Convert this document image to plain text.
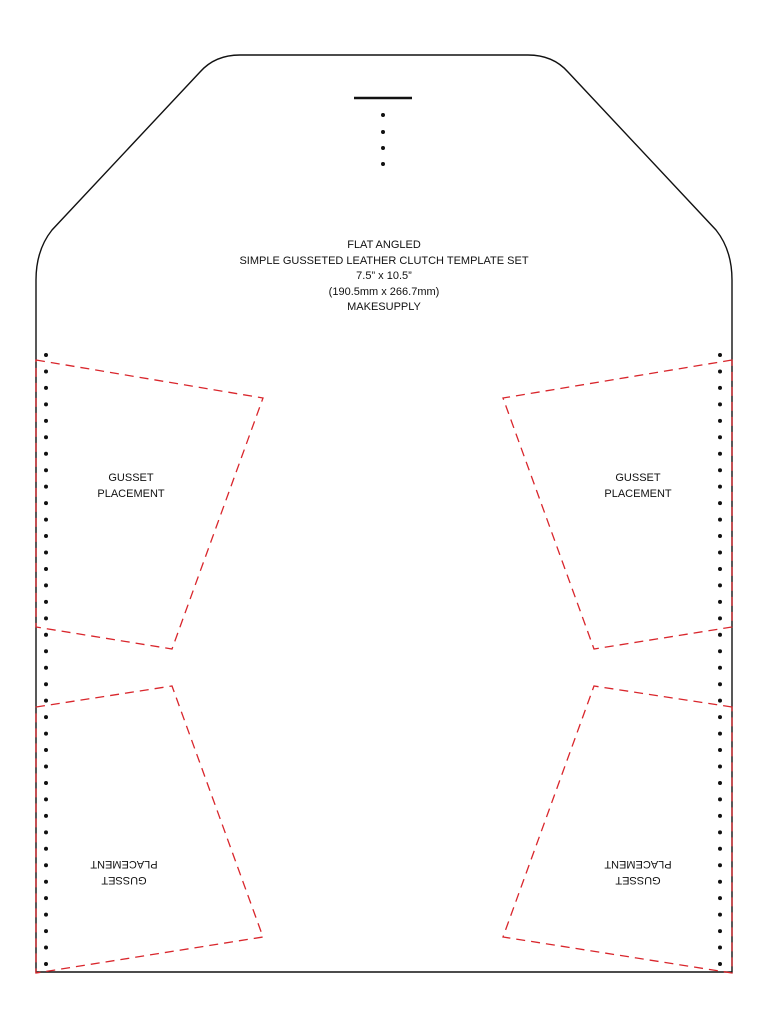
FLAT ANGLED
SIMPLE GUSSETED LEATHER CLUTCH TEMPLATE SET
7.5” x 10.5”
(190.5mm x 266.7mm)
MAKESUPPLY
GUSSET
PLACEMENT
GUSSET
PLACEMENT
GUSSET
PLACEMENT
GUSSET
PLACEMENT
